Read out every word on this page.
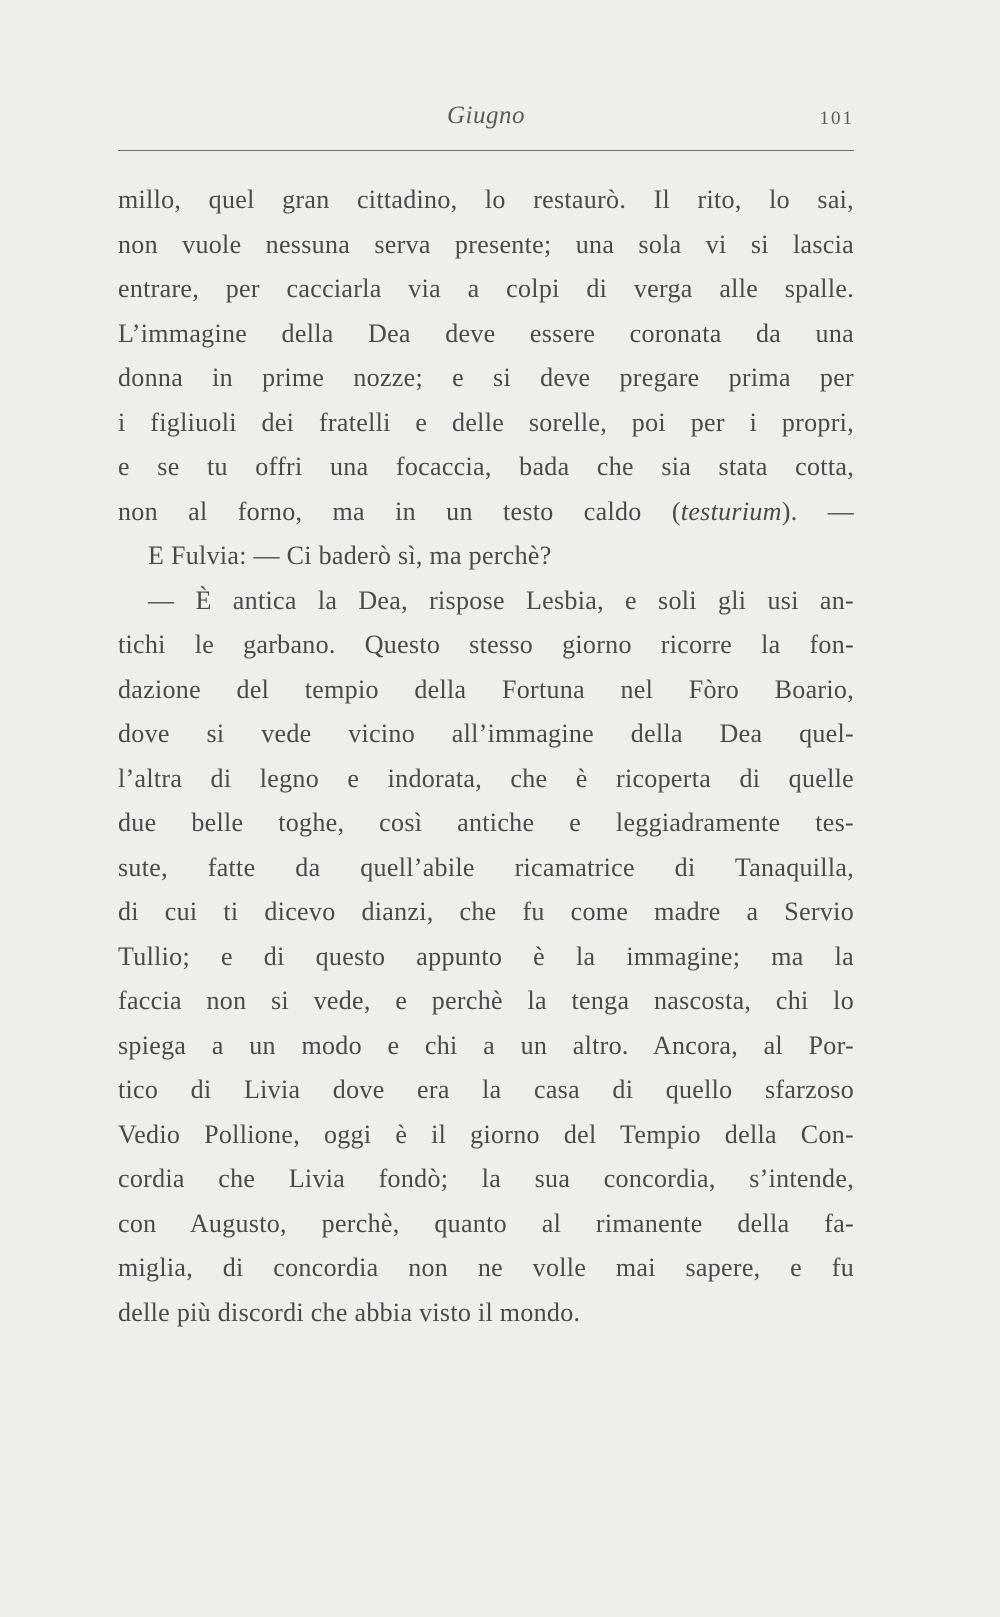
Giugno	101
millo, quel gran cittadino, lo restaurò. Il rito, lo sai,
non vuole nessuna serva presente; una sola vi si lascia
entrare, per cacciarla via a colpi di verga alle spalle.
L’immagine della Dea deve essere coronata da una
donna in prime nozze; e si deve pregare prima per
i figliuoli dei fratelli e delle sorelle, poi per i propri,
e se tu offri una focaccia, bada che sia stata cotta,
non al forno, ma in un testo caldo (testurium). —
E Fulvia: — Ci baderò sì, ma perchè?
— È antica la Dea, rispose Lesbia, e soli gli usi an-
tichi le garbano. Questo stesso giorno ricorre la fon-
dazione del tempio della Fortuna nel Fòro Boario,
dove si vede vicino all’immagine della Dea quel-
l’altra di legno e indorata, che è ricoperta di quelle
due belle toghe, così antiche e leggiadramente tes-
sute, fatte da quell’abile ricamatrice di Tanaquilla,
di cui ti dicevo dianzi, che fu come madre a Servio
Tullio; e di questo appunto è la immagine; ma la
faccia non si vede, e perchè la tenga nascosta, chi lo
spiega a un modo e chi a un altro. Ancora, al Por-
tico di Livia dove era la casa di quello sfarzoso
Vedio Pollione, oggi è il giorno del Tempio della Con-
cordia che Livia fondò; la sua concordia, s’intende,
con Augusto, perchè, quanto al rimanente della fa-
miglia, di concordia non ne volle mai sapere, e fu
delle più discordi che abbia visto il mondo.
